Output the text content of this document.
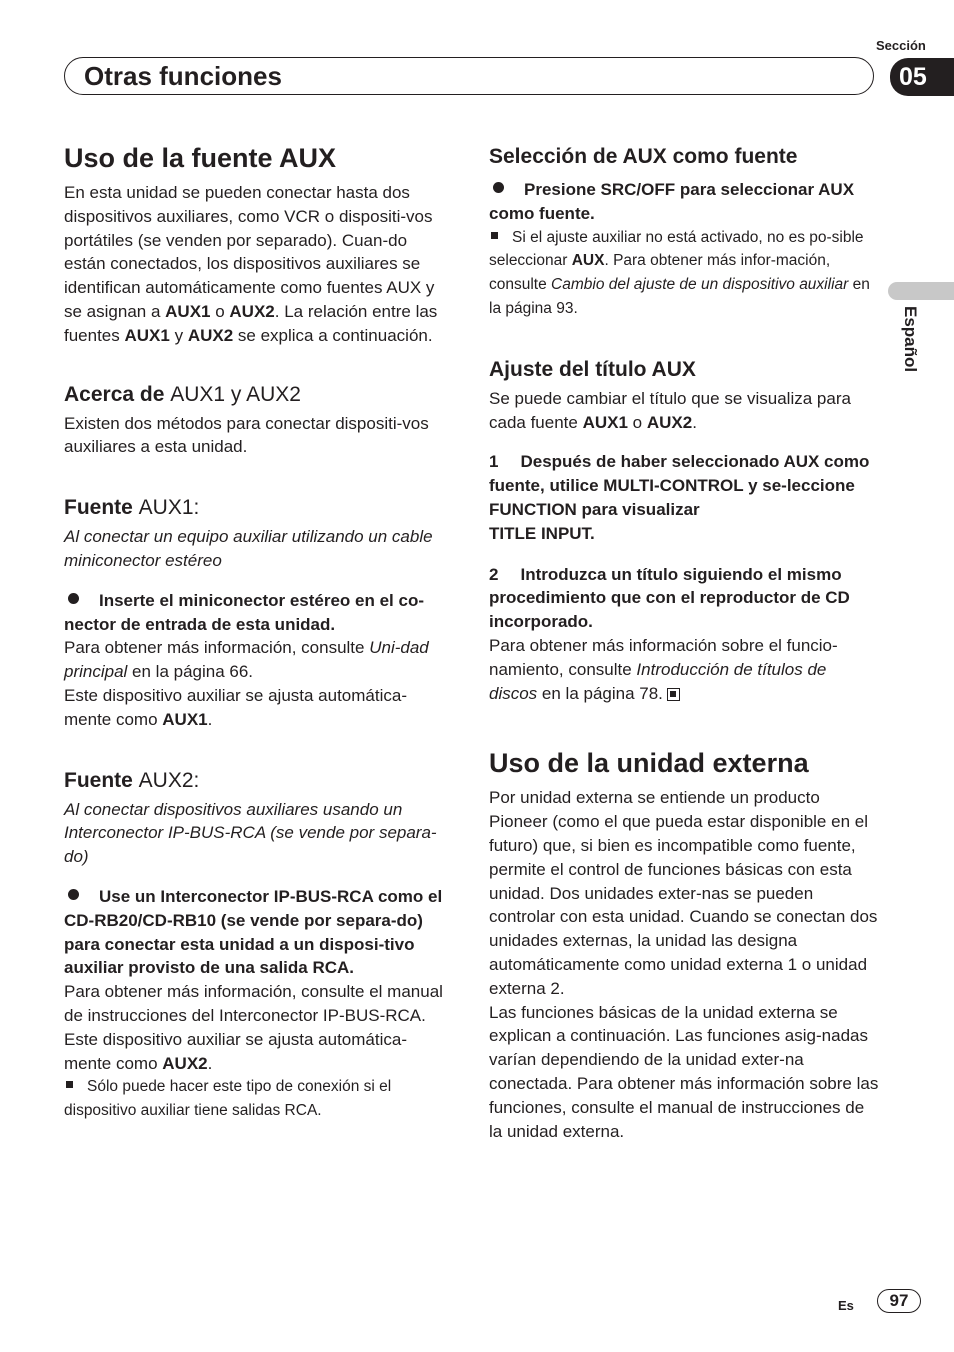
Sección
Otras funciones	05
Español
Uso de la fuente AUX

En esta unidad se pueden conectar hasta dos dispositivos auxiliares, como VCR o dispositi-vos portátiles (se venden por separado). Cuan-do están conectados, los dispositivos auxiliares se identifican automáticamente como fuentes AUX y se asignan a AUX1 o AUX2. La relación entre las fuentes AUX1 y AUX2 se explica a continuación.

Acerca de AUX1 y AUX2

Existen dos métodos para conectar dispositi-vos auxiliares a esta unidad.

Fuente AUX1:

Al conectar un equipo auxiliar utilizando un cable miniconector estéreo

Inserte el miniconector estéreo en el co-nector de entrada de esta unidad.

Para obtener más información, consulte Uni-dad principal en la página 66.

Este dispositivo auxiliar se ajusta automática-mente como AUX1.

Fuente AUX2:

Al conectar dispositivos auxiliares usando un Interconector IP-BUS-RCA (se vende por separa-do)

Use un Interconector IP-BUS-RCA como el CD-RB20/CD-RB10 (se vende por separa-do) para conectar esta unidad a un disposi-tivo auxiliar provisto de una salida RCA.

Para obtener más información, consulte el manual de instrucciones del Interconector IP-BUS-RCA.

Este dispositivo auxiliar se ajusta automática-mente como AUX2.

Sólo puede hacer este tipo de conexión si el dispositivo auxiliar tiene salidas RCA.

Selección de AUX como fuente

Presione SRC/OFF para seleccionar AUX como fuente.

Si el ajuste auxiliar no está activado, no es po-sible seleccionar AUX. Para obtener más infor-mación, consulte Cambio del ajuste de un dispositivo auxiliar en la página 93.

Ajuste del título AUX

Se puede cambiar el título que se visualiza para cada fuente AUX1 o AUX2.

1 Después de haber seleccionado AUX como fuente, utilice MULTI-CONTROL y se-leccione FUNCTION para visualizar
TITLE INPUT.

2 Introduzca un título siguiendo el mismo procedimiento que con el reproductor de CD incorporado.

Para obtener más información sobre el funcio-namiento, consulte Introducción de títulos de discos en la página 78.

Uso de la unidad externa

Por unidad externa se entiende un producto Pioneer (como el que pueda estar disponible en el futuro) que, si bien es incompatible como fuente, permite el control de funciones básicas con esta unidad. Dos unidades exter-nas se pueden controlar con esta unidad. Cuando se conectan dos unidades externas, la unidad las designa automáticamente como unidad externa 1 o unidad externa 2.

Las funciones básicas de la unidad externa se explican a continuación. Las funciones asig-nadas varían dependiendo de la unidad exter-na conectada. Para obtener más información sobre las funciones, consulte el manual de instrucciones de la unidad externa.

Es	97
